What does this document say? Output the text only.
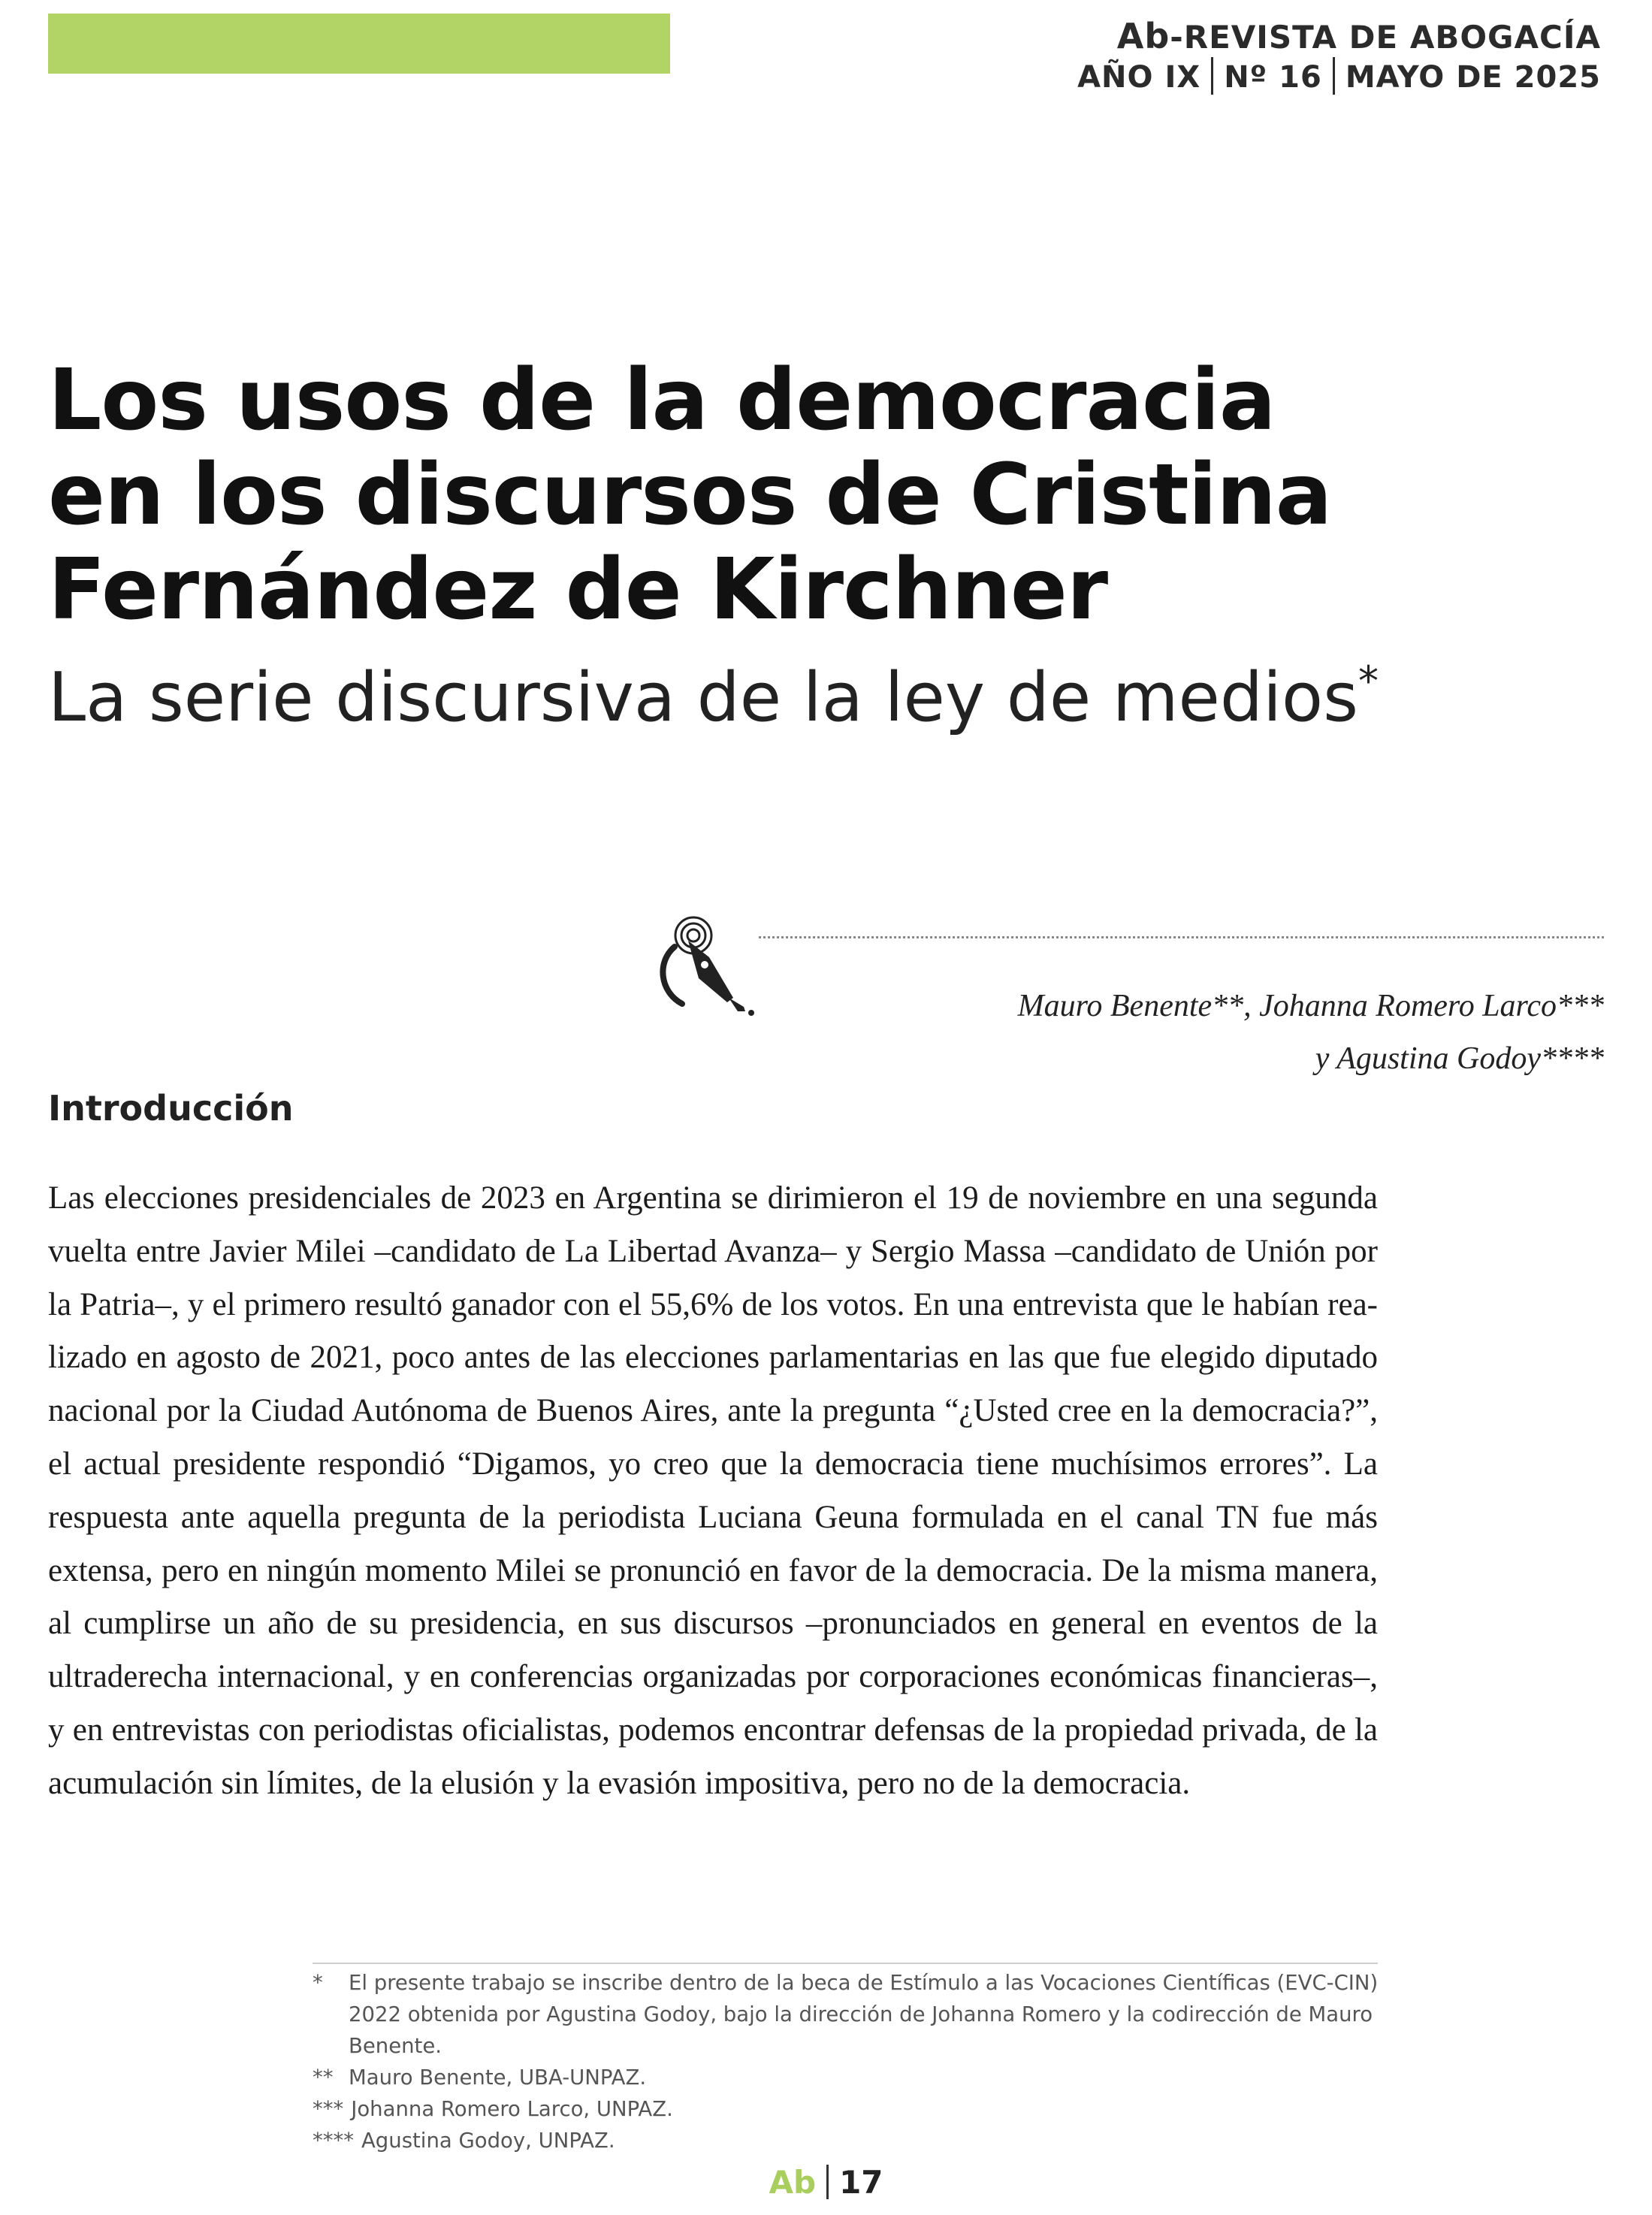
Ab-REVISTA DE ABOGACÍA
AÑO IX Nº 16 MAYO DE 2025
Los usos de la democracia
en los discursos de Cristina
Fernández de Kirchner
La serie discursiva de la ley de medios*
Mauro Benente**, Johanna Romero Larco***
y Agustina Godoy****
Introducción
Las elecciones presidenciales de 2023 en Argentina se dirimieron el 19 de noviembre en una segunda vuelta entre Javier Milei –candidato de La Libertad Avanza– y Sergio Massa –candidato de Unión por la Patria–, y el primero resultó ganador con el 55,6% de los votos. En una entrevista que le habían realizado en agosto de 2021, poco antes de las elecciones parlamentarias en las que fue elegido diputado nacional por la Ciudad Autónoma de Buenos Aires, ante la pregunta “¿Usted cree en la democracia?”, el actual presidente respondió “Digamos, yo creo que la democracia tiene muchísimos errores”. La respuesta ante aquella pregunta de la periodista Luciana Geuna formulada en el canal TN fue más extensa, pero en ningún momento Milei se pronunció en favor de la democracia. De la misma manera, al cumplirse un año de su presidencia, en sus discursos –pronunciados en general en eventos de la ultraderecha internacional, y en conferencias organizadas por corporaciones económicas financieras–, y en entrevistas con periodistas oficialistas, podemos encontrar defensas de la propiedad privada, de la acumulación sin límites, de la elusión y la evasión impositiva, pero no de la democracia.
*	El presente trabajo se inscribe dentro de la beca de Estímulo a las Vocaciones Científicas (EVC-CIN) 2022 obtenida por Agustina Godoy, bajo la dirección de Johanna Romero y la codirección de Mauro Benente.
** Mauro Benente, UBA-UNPAZ.
*** Johanna Romero Larco, UNPAZ.
**** Agustina Godoy, UNPAZ.
Ab 17
